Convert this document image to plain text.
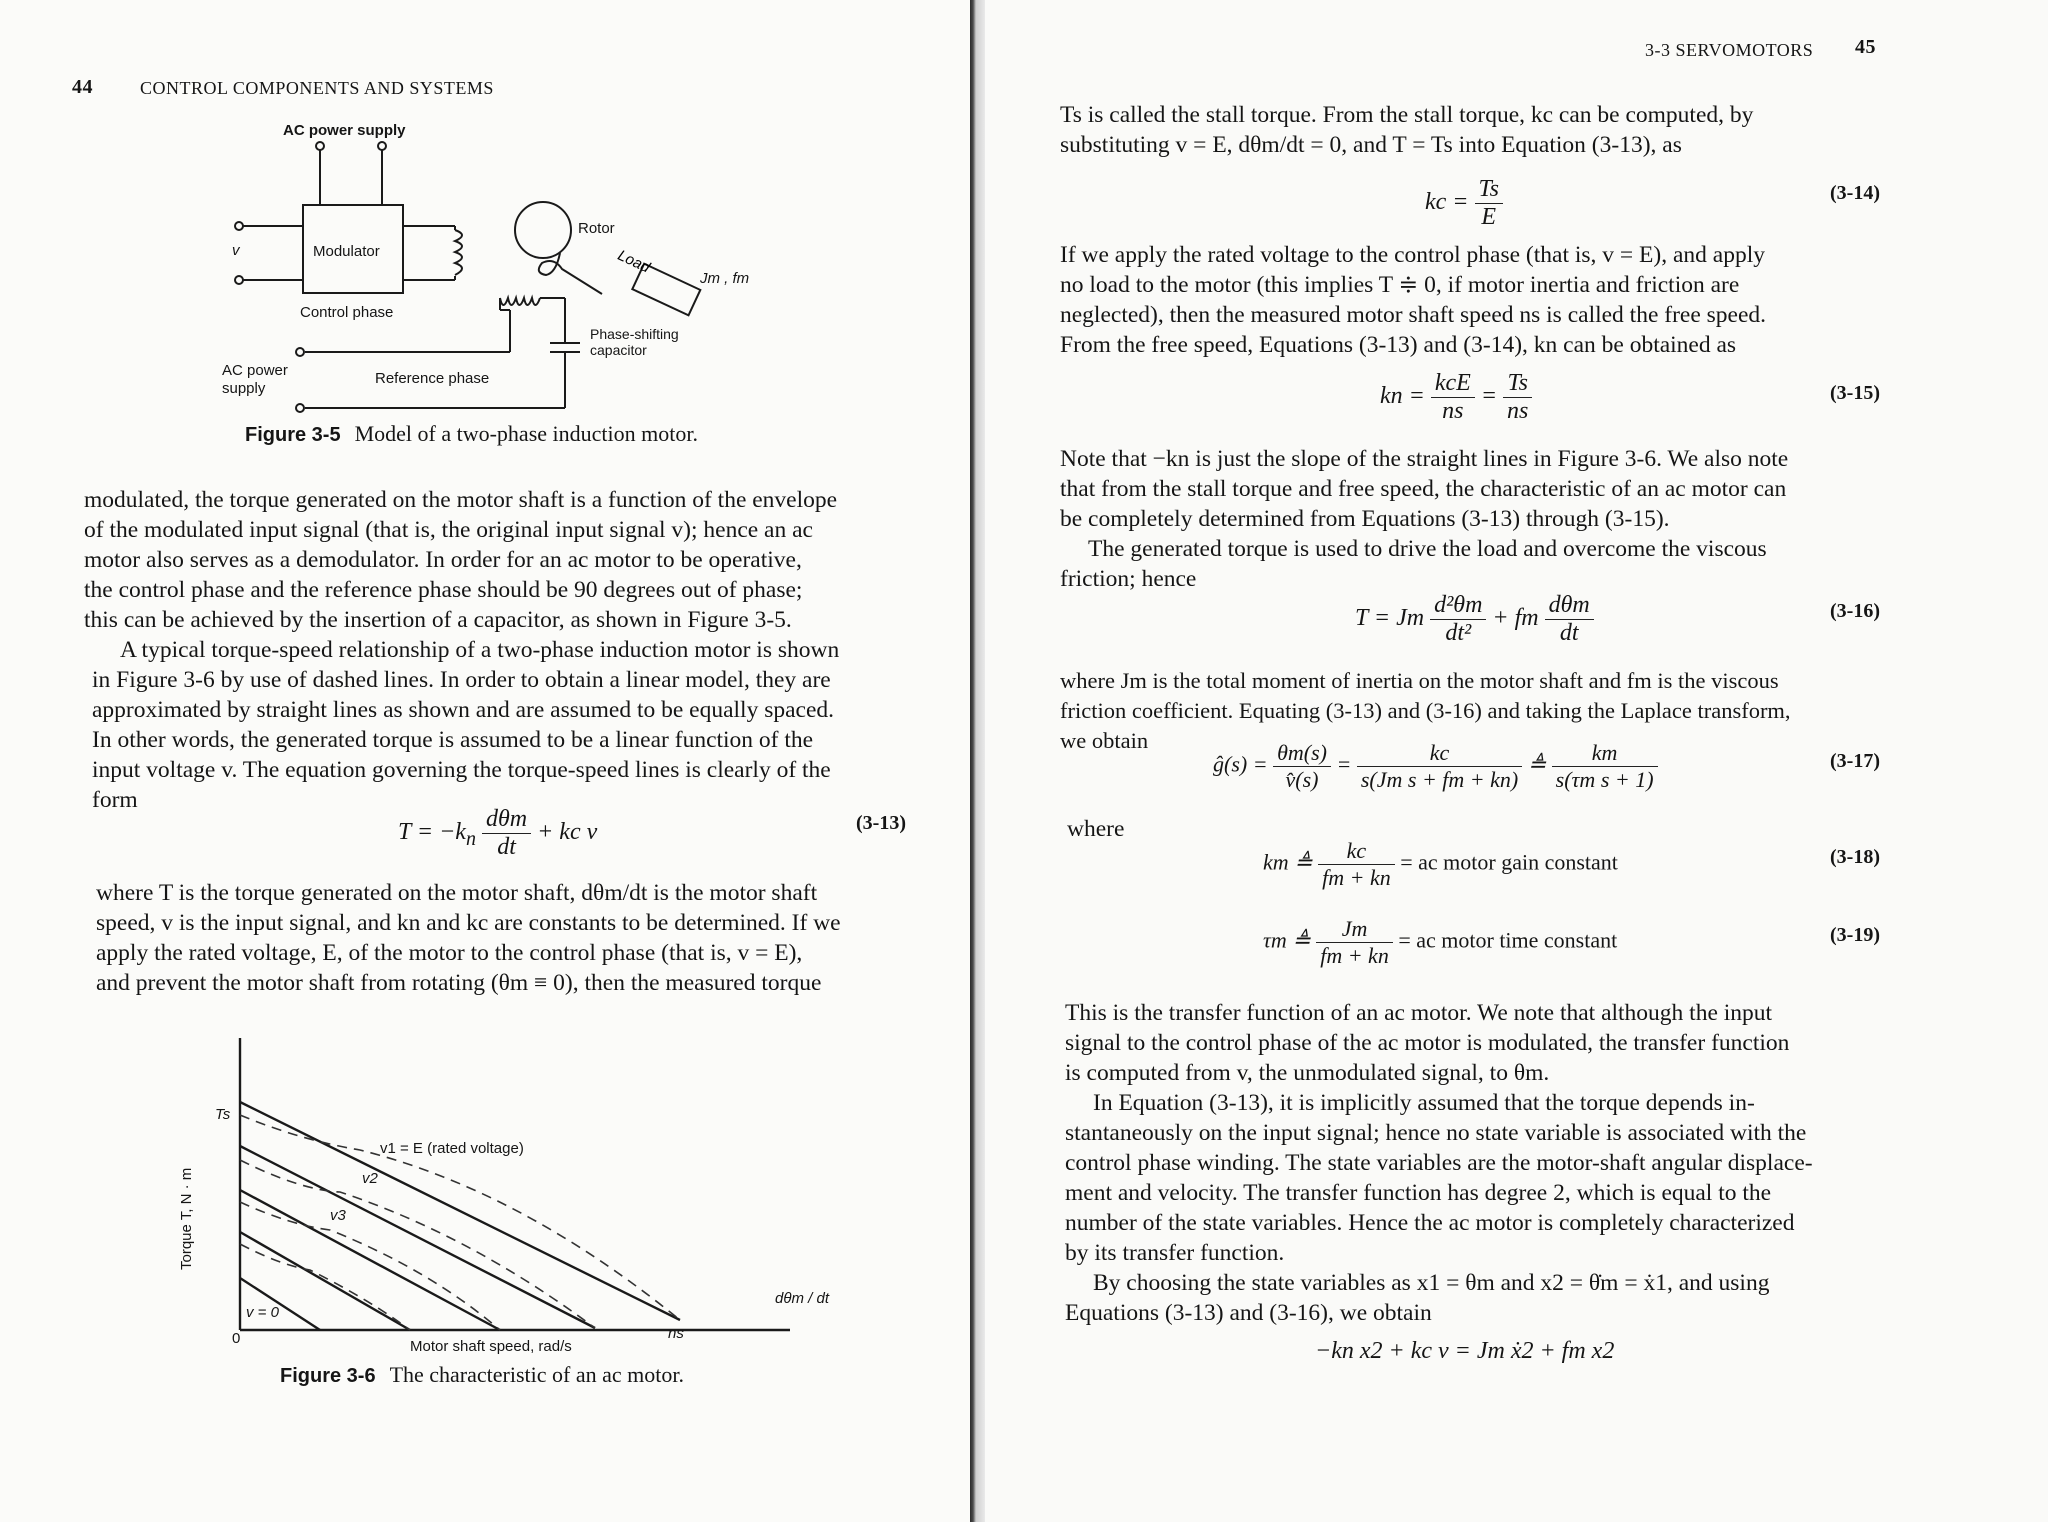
44	CONTROL COMPONENTS AND SYSTEMS
Load
AC power supply
Modulator
v
Control phase
Rotor
Jm , fm
Phase-shifting capacitor
AC power supply
Reference phase
Figure 3-5 Model of a two-phase induction motor.
modulated, the torque generated on the motor shaft is a function of the envelope
of the modulated input signal (that is, the original input signal v); hence an ac
motor also serves as a demodulator. In order for an ac motor to be operative,
the control phase and the reference phase should be 90 degrees out of phase;
this can be achieved by the insertion of a capacitor, as shown in Figure 3-5.
A typical torque-speed relationship of a two-phase induction motor is shown
in Figure 3-6 by use of dashed lines. In order to obtain a linear model, they are
approximated by straight lines as shown and are assumed to be equally spaced.
In other words, the generated torque is assumed to be a linear function of the
input voltage v. The equation governing the torque-speed lines is clearly of the
form
$T = -k_n \frac{\text{dθm}}{dt}$ + kc v	(3-13)
where T is the torque generated on the motor shaft, dθm/dt is the motor shaft
speed, v is the input signal, and kn and kc are constants to be determined. If we
apply the rated voltage, E, of the motor to the control phase (that is, v = E),
and prevent the motor shaft from rotating (θm ≡ 0), then the measured torque
Ts
Torque T, N · m
0	Motor shaft speed, rad/s
ns
dθm / dt
v1 = E (rated voltage)
v2
v3
v = 0
Figure 3-6 The characteristic of an ac motor.
3-3 SERVOMOTORS 45
Ts is called the stall torque. From the stall torque, kc can be computed, by
substituting v = E, dθm/dt = 0, and T = Ts into Equation (3-13), as
kc = $\frac{Ts}{E}$	(3-14)
If we apply the rated voltage to the control phase (that is, v = E), and apply
no load to the motor (this implies T ≑ 0, if motor inertia and friction are
neglected), then the measured motor shaft speed ns is called the free speed.
From the free speed, Equations (3-13) and (3-14), kn can be obtained as
kn = $\frac{\text{kcE}}{ns} = \frac{Ts}{ns}$	(3-15)
Note that −kn is just the slope of the straight lines in Figure 3-6. We also note
that from the stall torque and free speed, the characteristic of an ac motor can
be completely determined from Equations (3-13) through (3-15).
The generated torque is used to drive the load and overcome the viscous
friction; hence
T = Jm $\frac{\text{d²θm}}{\text{dt²}}$ + fm $\frac{\text{dθm}}{dt}$	(3-16)
where Jm is the total moment of inertia on the motor shaft and fm is the viscous
friction coefficient. Equating (3-13) and (3-16) and taking the Laplace transform,
we obtain
ĝ(s) = $\frac{\theta m(s)}{v̂(s)} = \frac{kc}{\text{s(Jm s + fm + kn)}}$ ≜ $\frac{km}{\text{s(τm s + 1)}}$	(3-17)
where
km ≜ $\frac{kc}{fm + kn}$ = ac motor gain constant	(3-18)
τm ≜ $\frac{Jm}{fm + kn}$ = ac motor time constant	(3-19)
This is the transfer function of an ac motor. We note that although the input
signal to the control phase of the ac motor is modulated, the transfer function
is computed from v, the unmodulated signal, to θm.
In Equation (3-13), it is implicitly assumed that the torque depends in-
stantaneously on the input signal; hence no state variable is associated with the
control phase winding. The state variables are the motor-shaft angular displace-
ment and velocity. The transfer function has degree 2, which is equal to the
number of the state variables. Hence the ac motor is completely characterized
by its transfer function.
By choosing the state variables as x1 = θm and x2 = θ̇m = ẋ1, and using
Equations (3-13) and (3-16), we obtain
−kn x2 + kc v = Jm ẋ2 + fm x2
